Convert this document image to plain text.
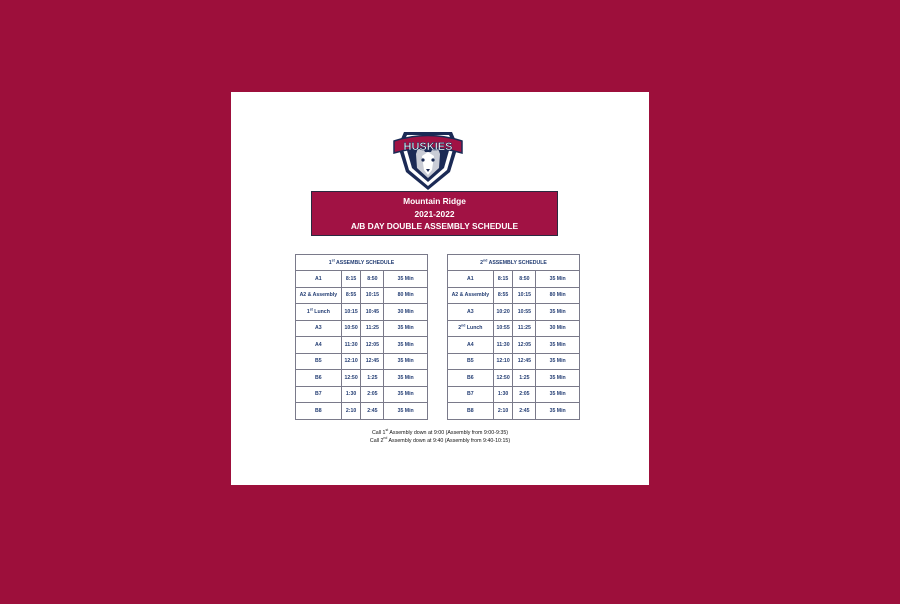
HUSKIES
Mountain Ridge
2021-2022
A/B DAY DOUBLE ASSEMBLY SCHEDULE
1st ASSEMBLY SCHEDULE			
A1	8:15	8:50	35 Min
A2 & Assembly	8:55	10:15	80 Min
1st Lunch	10:15	10:45	30 Min
A3	10:50	11:25	35 Min
A4	11:30	12:05	35 Min
B5	12:10	12:45	35 Min
B6	12:50	1:25	35 Min
B7	1:30	2:05	35 Min
B8	2:10	2:45	35 Min
2nd ASSEMBLY SCHEDULE			
A1	8:15	8:50	35 Min
A2 & Assembly	8:55	10:15	80 Min
A3	10:20	10:55	35 Min
2nd Lunch	10:55	11:25	30 Min
A4	11:30	12:05	35 Min
B5	12:10	12:45	35 Min
B6	12:50	1:25	35 Min
B7	1:30	2:05	35 Min
B8	2:10	2:45	35 Min
Call 1st Assembly down at 9:00 (Assembly from 9:00-9:35)
Call 2nd Assembly down at 9:40 (Assembly from 9:40-10:15)
